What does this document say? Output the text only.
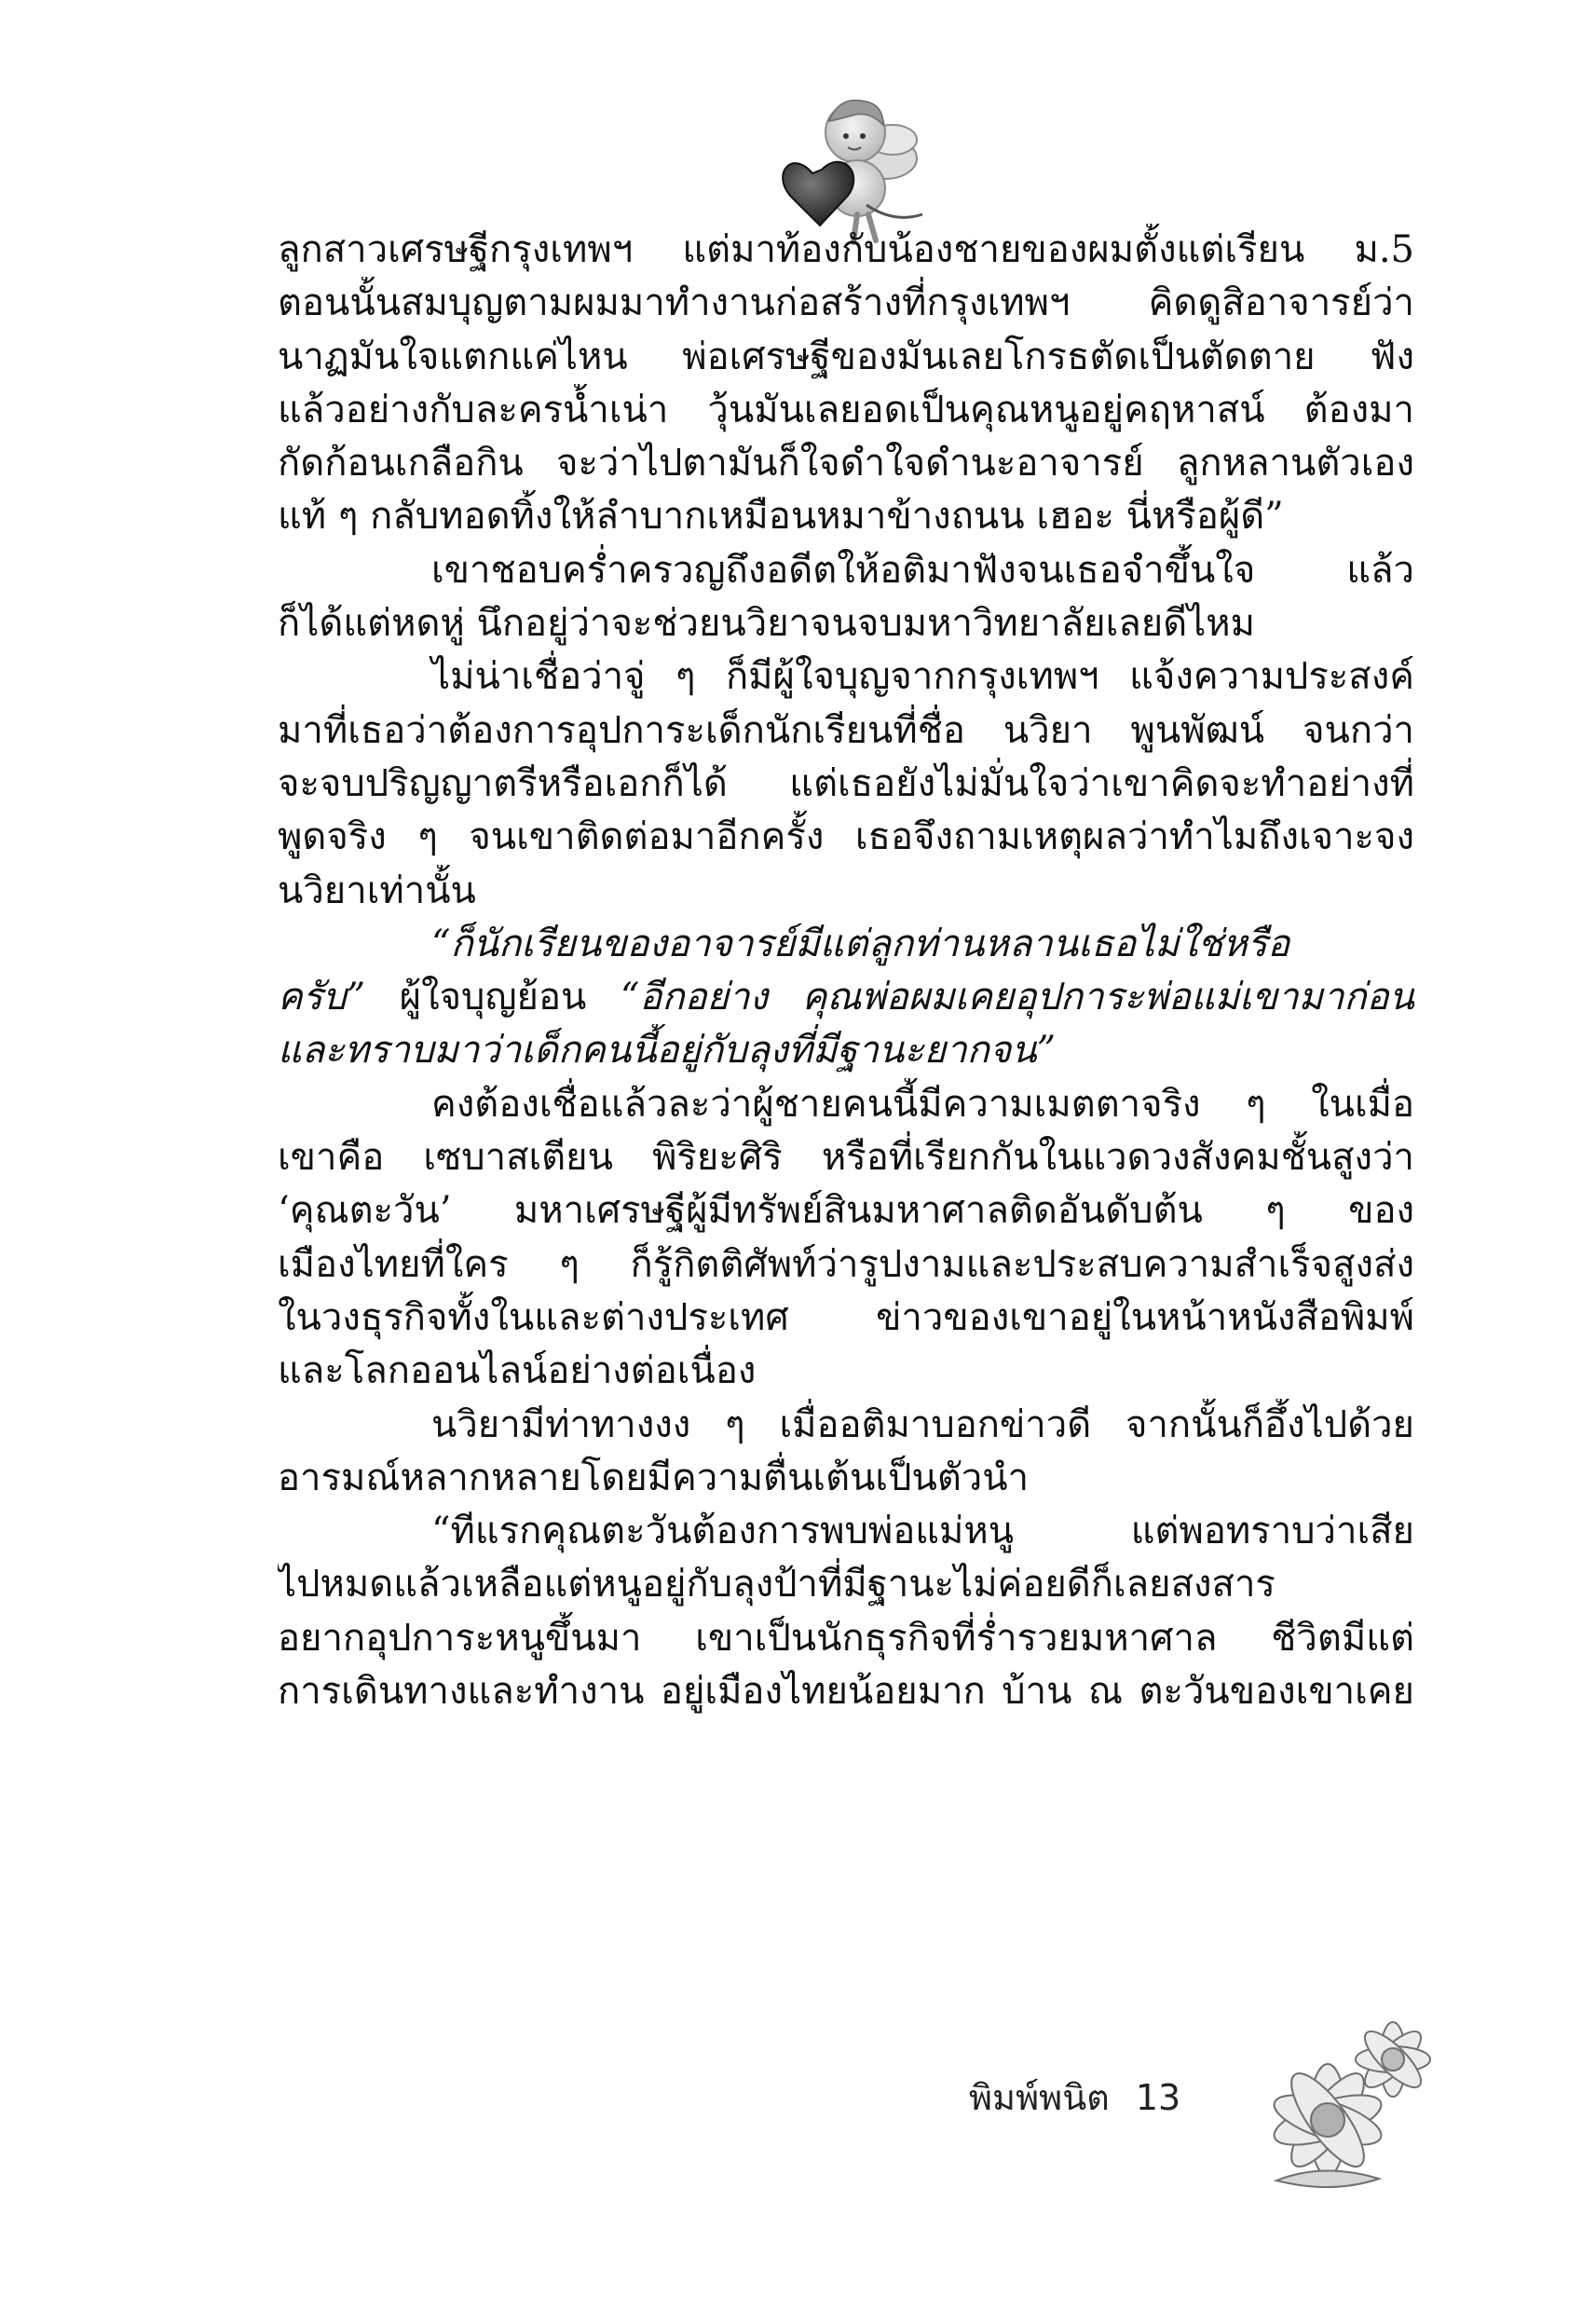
ลูกสาวเศรษฐีกรุงเทพฯ แต่มาท้องกับน้องชายของผมตั้งแต่เรียน ม.5
ตอนนั้นสมบุญตามผมมาทำงานก่อสร้างที่กรุงเทพฯ คิดดูสิอาจารย์ว่า
นาฏมันใจแตกแค่ไหน พ่อเศรษฐีของมันเลยโกรธตัดเป็นตัดตาย ฟัง
แล้วอย่างกับละครน้ำเน่า วุ้นมันเลยอดเป็นคุณหนูอยู่คฤหาสน์ ต้องมา
กัดก้อนเกลือกิน จะว่าไปตามันก็ใจดำใจดำนะอาจารย์ ลูกหลานตัวเอง
แท้ ๆ กลับทอดทิ้งให้ลำบากเหมือนหมาข้างถนน เฮอะ นี่หรือผู้ดี”
เขาชอบคร่ำครวญถึงอดีตให้อติมาฟังจนเธอจำขึ้นใจ แล้ว
ก็ได้แต่หดหู่ นึกอยู่ว่าจะช่วยนวิยาจนจบมหาวิทยาลัยเลยดีไหม
ไม่น่าเชื่อว่าจู่ ๆ ก็มีผู้ใจบุญจากกรุงเทพฯ แจ้งความประสงค์
มาที่เธอว่าต้องการอุปการะเด็กนักเรียนที่ชื่อ นวิยา พูนพัฒน์ จนกว่า
จะจบปริญญาตรีหรือเอกก็ได้ แต่เธอยังไม่มั่นใจว่าเขาคิดจะทำอย่างที่
พูดจริง ๆ จนเขาติดต่อมาอีกครั้ง เธอจึงถามเหตุผลว่าทำไมถึงเจาะจง
นวิยาเท่านั้น
“ก็นักเรียนของอาจารย์มีแต่ลูกท่านหลานเธอไม่ใช่หรือ
ครับ” ผู้ใจบุญย้อน “อีกอย่าง คุณพ่อผมเคยอุปการะพ่อแม่เขามาก่อน
และทราบมาว่าเด็กคนนี้อยู่กับลุงที่มีฐานะยากจน”
คงต้องเชื่อแล้วละว่าผู้ชายคนนี้มีความเมตตาจริง ๆ ในเมื่อ
เขาคือ เซบาสเตียน พิริยะศิริ หรือที่เรียกกันในแวดวงสังคมชั้นสูงว่า
‘คุณตะวัน’ มหาเศรษฐีผู้มีทรัพย์สินมหาศาลติดอันดับต้น ๆ ของ
เมืองไทยที่ใคร ๆ ก็รู้กิตติศัพท์ว่ารูปงามและประสบความสำเร็จสูงส่ง
ในวงธุรกิจทั้งในและต่างประเทศ ข่าวของเขาอยู่ในหน้าหนังสือพิมพ์
และโลกออนไลน์อย่างต่อเนื่อง
นวิยามีท่าทางงง ๆ เมื่ออติมาบอกข่าวดี จากนั้นก็อึ้งไปด้วย
อารมณ์หลากหลายโดยมีความตื่นเต้นเป็นตัวนำ
“ทีแรกคุณตะวันต้องการพบพ่อแม่หนู แต่พอทราบว่าเสีย
ไปหมดแล้วเหลือแต่หนูอยู่กับลุงป้าที่มีฐานะไม่ค่อยดีก็เลยสงสาร
อยากอุปการะหนูขึ้นมา เขาเป็นนักธุรกิจที่ร่ำรวยมหาศาล ชีวิตมีแต่
การเดินทางและทำงาน อยู่เมืองไทยน้อยมาก บ้าน ณ ตะวันของเขาเคย
พิมพ์พนิต 13
